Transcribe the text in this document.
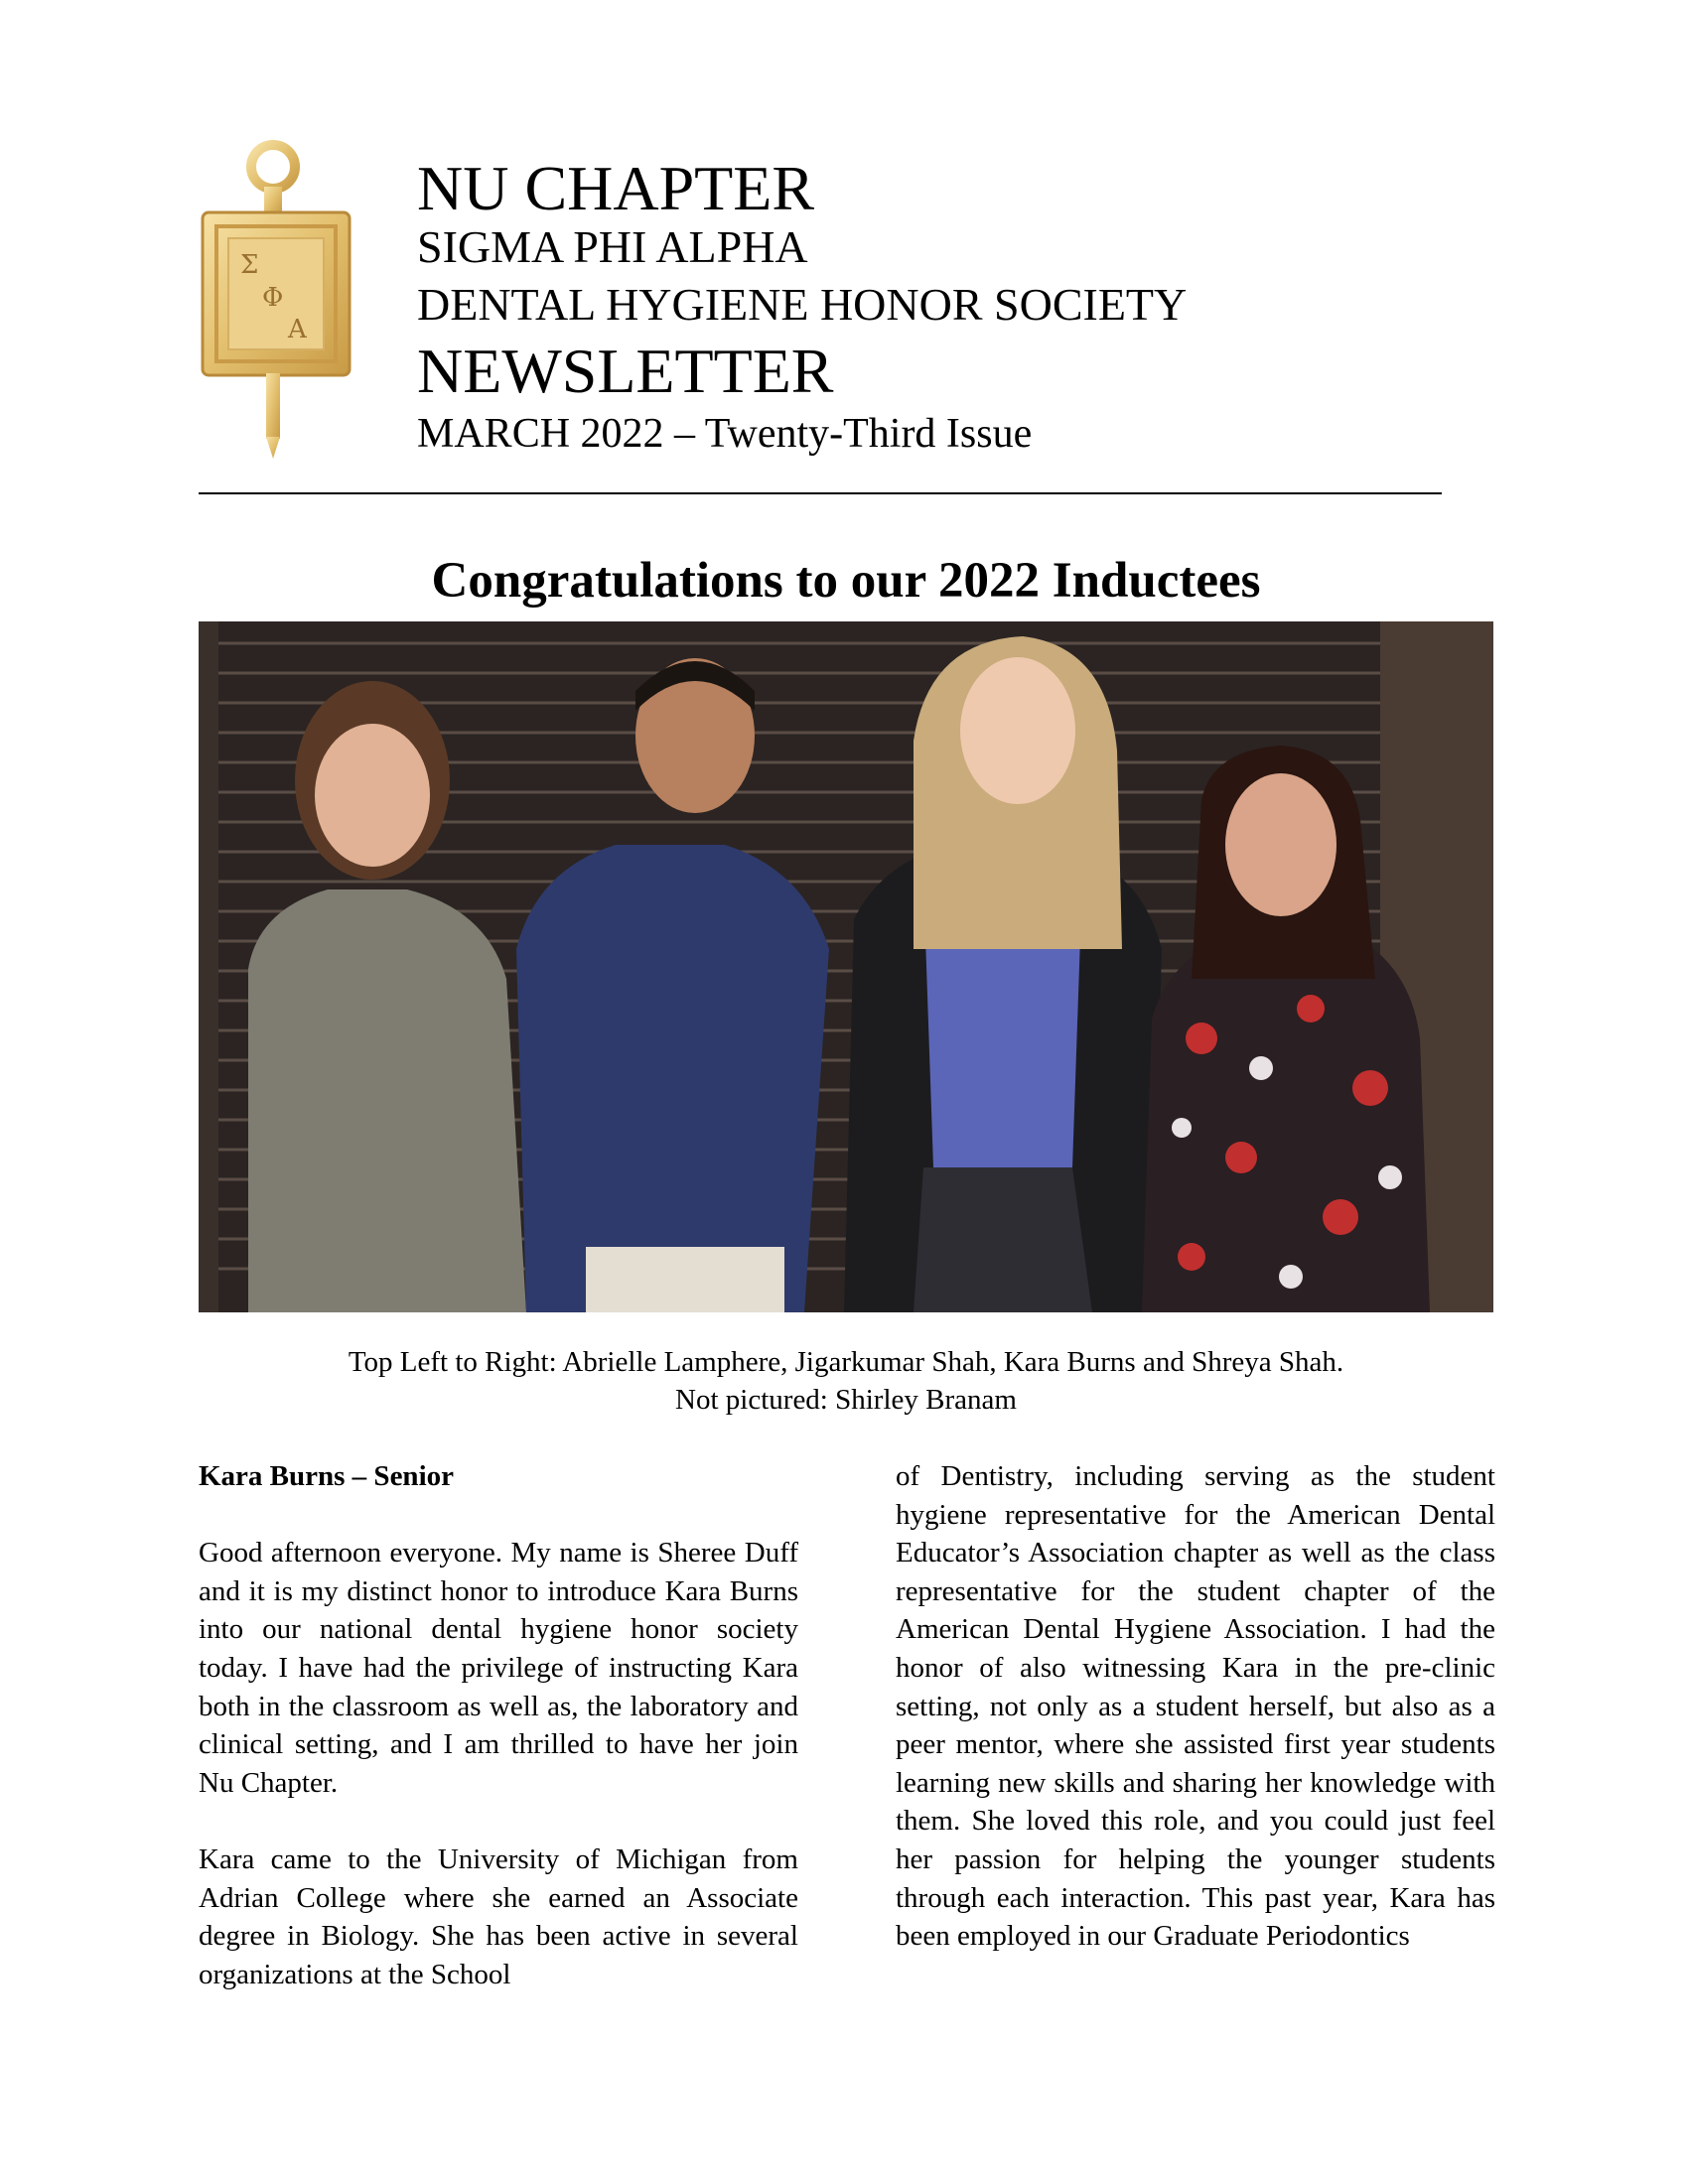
Σ
Φ
Α
NU CHAPTER
SIGMA PHI ALPHA
DENTAL HYGIENE HONOR SOCIETY
NEWSLETTER
MARCH 2022 – Twenty-Third Issue
Congratulations to our 2022 Inductees
Top Left to Right: Abrielle Lamphere, Jigarkumar Shah, Kara Burns and Shreya Shah.
Not pictured: Shirley Branam

Kara Burns – Senior

Good afternoon everyone. My name is Sheree Duff and it is my distinct honor to introduce Kara Burns into our national dental hygiene honor society today. I have had the privilege of instructing Kara both in the classroom as well as, the laboratory and clinical setting, and I am thrilled to have her join Nu Chapter.

Kara came to the University of Michigan from Adrian College where she earned an Associate degree in Biology. She has been active in several organizations at the School

of Dentistry, including serving as the student hygiene representative for the American Dental Educator’s Association chapter as well as the class representative for the student chapter of the American Dental Hygiene Association. I had the honor of also witnessing Kara in the pre-clinic setting, not only as a student herself, but also as a peer mentor, where she assisted first year students learning new skills and sharing her knowledge with them. She loved this role, and you could just feel her passion for helping the younger students through each interaction. This past year, Kara has been employed in our Graduate Periodontics
